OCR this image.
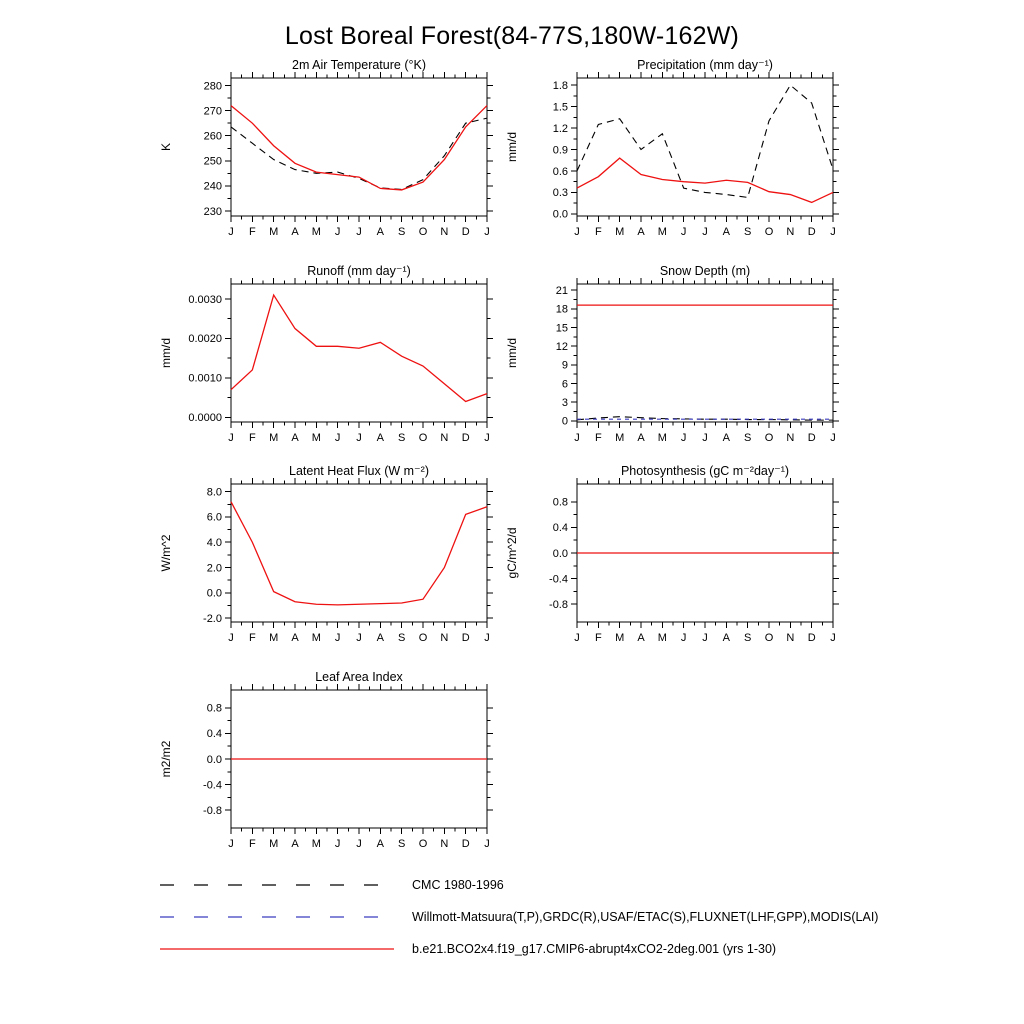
Lost Boreal Forest(84-77S,180W-162W)
2m Air Temperature (°K)
K
J F M A M J J A S O N D J
230
240
250
260
270
280
Precipitation (mm day⁻¹)
mm/d
J F M A M J J A S O N D J
0.0
0.3
0.6
0.9
1.2
1.5
1.8
Runoff (mm day⁻¹)
mm/d
J F M A M J J A S O N D J
0.0000
0.0010
0.0020
0.0030
Snow Depth (m)
mm/d
J F M A M J J A S O N D J
0
3
6
9
12
15
18
21
Latent Heat Flux (W m⁻²)
W/m^2
J F M A M J J A S O N D J
-2.0
0.0
2.0
4.0
6.0
8.0
Photosynthesis (gC m⁻²day⁻¹)
gC/m^2/d
J F M A M J J A S O N D J
-0.8
-0.4
0.0
0.4
0.8
Leaf Area Index
m2/m2
J F M A M J J A S O N D J
-0.8
-0.4
0.0
0.4
0.8
CMC 1980-1996
Willmott-Matsuura(T,P),GRDC(R),USAF/ETAC(S),FLUXNET(LHF,GPP),MODIS(LAI)
b.e21.BCO2x4.f19_g17.CMIP6-abrupt4xCO2-2deg.001 (yrs 1-30)
